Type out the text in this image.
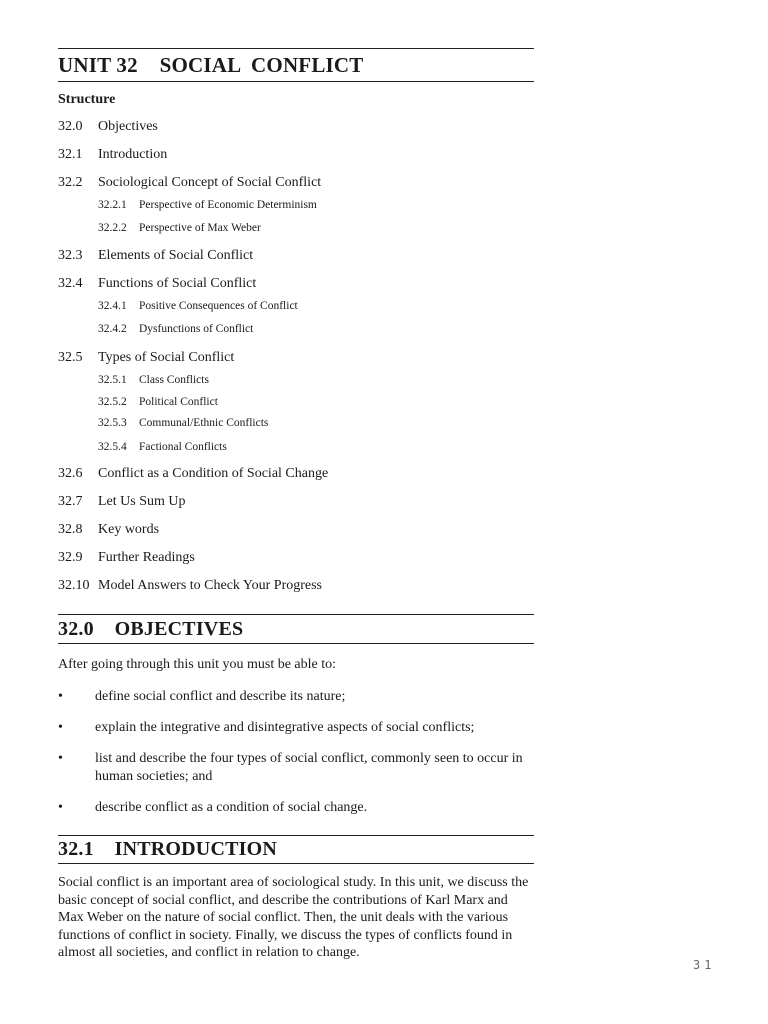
UNIT 32    SOCIAL  CONFLICT
Structure
32.0 Objectives
32.1 Introduction
32.2 Sociological Concept of Social Conflict
32.2.1 Perspective of Economic Determinism
32.2.2 Perspective of Max Weber
32.3 Elements of Social Conflict
32.4 Functions of Social Conflict
32.4.1 Positive Consequences of Conflict
32.4.2 Dysfunctions of Conflict
32.5 Types of Social Conflict
32.5.1 Class Conflicts
32.5.2 Political Conflict
32.5.3 Communal/Ethnic Conflicts
32.5.4 Factional Conflicts
32.6 Conflict as a Condition of Social Change
32.7 Let Us Sum Up
32.8 Key words
32.9 Further Readings
32.10 Model Answers to Check Your Progress
32.0    OBJECTIVES
After going through this unit you must be able to:
• define social conflict and describe its nature;
• explain the integrative and disintegrative aspects of social conflicts;
• list and describe the four types of social conflict, commonly seen to occur in human societies; and
• describe conflict as a condition of social change.
32.1    INTRODUCTION
Social conflict is an important area of sociological study. In this unit, we discuss the basic concept of social conflict, and describe the contributions of Karl Marx and Max Weber on the nature of social conflict. Then, the unit deals with the various functions of conflict in society. Finally, we discuss the types of conflicts found in almost all societies, and conflict in relation to change.
31
